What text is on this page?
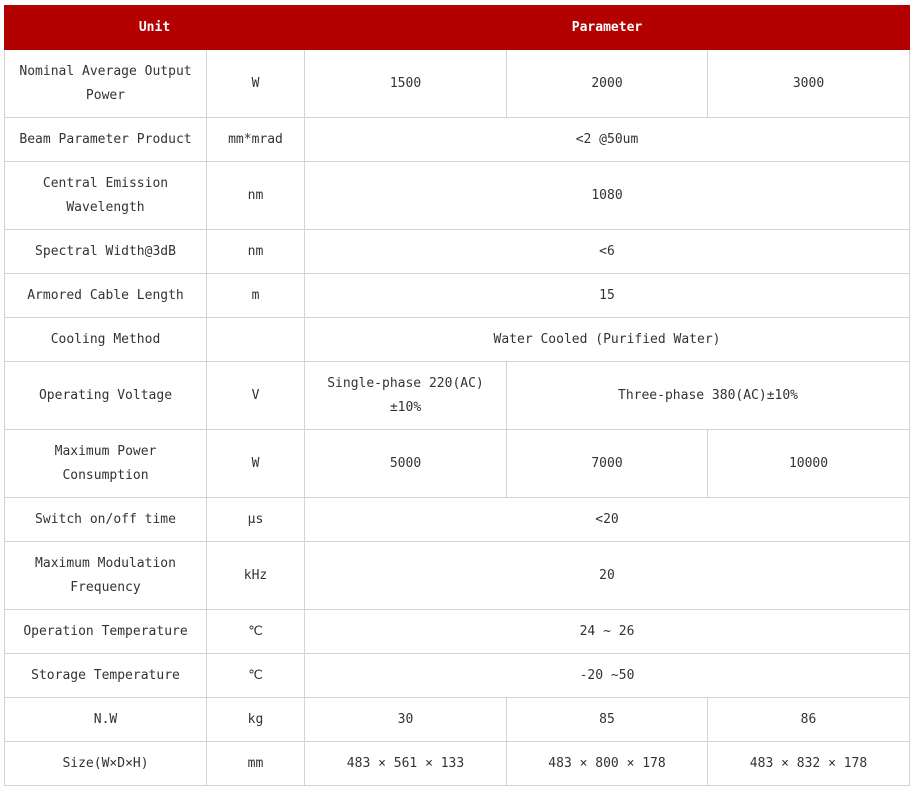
Unit		Parameter		
Nominal Average Output Power	W	1500	2000	3000
Beam Parameter Product	mm*mrad	<2 @50um		
Central Emission Wavelength	nm	1080		
Spectral Width@3dB	nm	<6		
Armored Cable Length	m	15		
Cooling Method		Water Cooled (Purified Water)		
Operating Voltage	V	Single-phase 220(AC)±10%	Three-phase 380(AC)±10%	
Maximum Power Consumption	W	5000	7000	10000
Switch on/off time	μs	<20		
Maximum Modulation Frequency	kHz	20		
Operation Temperature	℃	24 ~ 26		
Storage Temperature	℃	-20 ~50		
N.W	kg	30	85	86
Size(W×D×H)	mm	483 × 561 × 133	483 × 800 × 178	483 × 832 × 178
